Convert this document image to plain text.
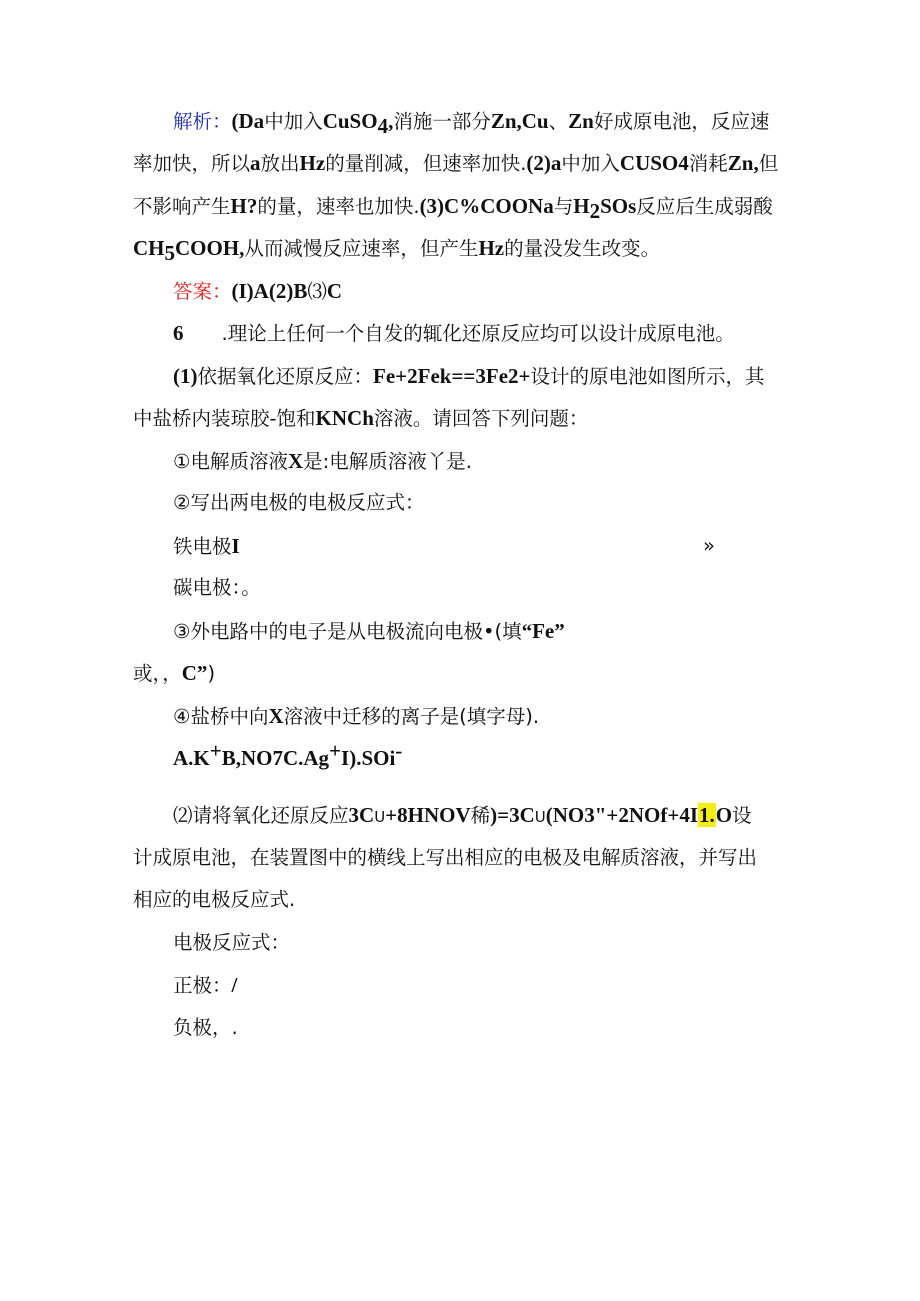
解析：(Da中加入CuSO$_4$,消施一部分Zn,Cu、Zn好成原电池，反应速
率加快，所以a放出Hz的量削减，但速率加快.(2)a中加入CUSO4消耗Zn,但
不影响产生H?的量，速率也加快.(3)C%COONa与$H_2SOs$反应后生成弱酸
$CH_5COOH$,从而减慢反应速率，但产生Hz的量没发生改变。
答案：(I)A(2)B⑶C
6 .理论上任何一个自发的辄化还原反应均可以设计成原电池。
(1)依据氧化还原反应：Fe+2Fek==3Fe2+设计的原电池如图所示，其
中盐桥内装琼胶-饱和KNCh溶液。请回答下列问题：
①电解质溶液X是:电解质溶液丫是.
②写出两电极的电极反应式：
铁电极I	»
碳电极：。
③外电路中的电子是从电极流向电极•(填“Fe”
或，，C”)
④盐桥中向X溶液中迁移的离子是(填字母).
A.K+B,NO7C.Ag+I).SOi-
⑵请将氧化还原反应3CU+8HNOV稀)=3CU(NO3"+2NOf+4I1.O设
计成原电池，在装置图中的横线上写出相应的电极及电解质溶液，并写出
相应的电极反应式.
电极反应式：
正极：/
负极，.
